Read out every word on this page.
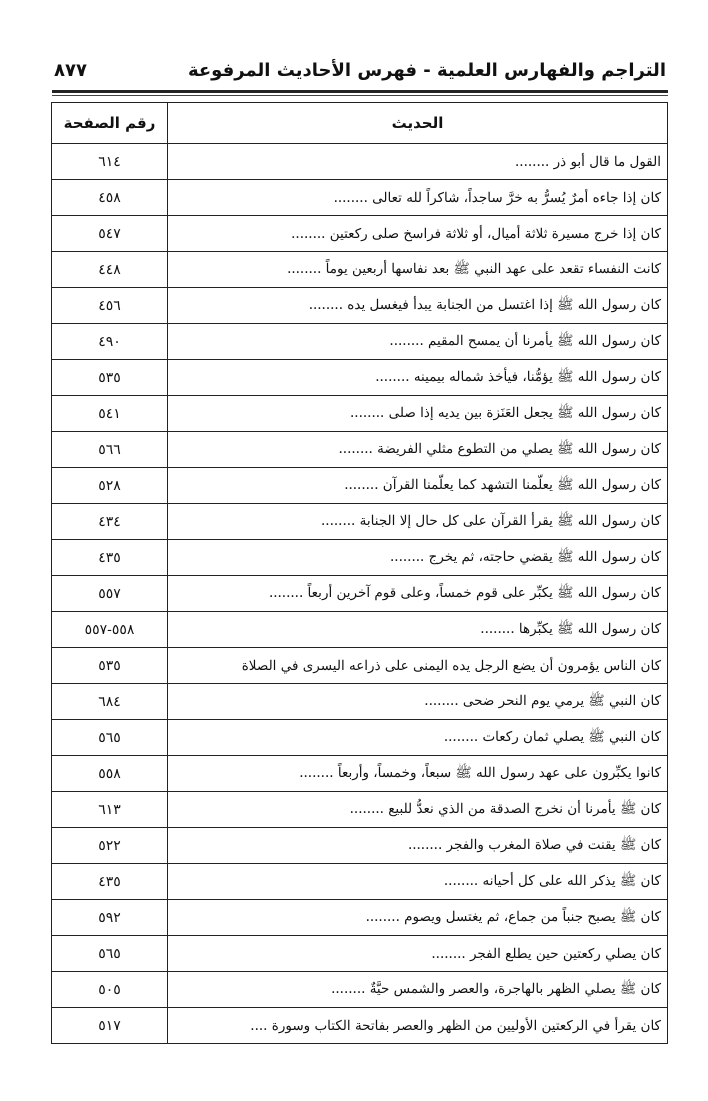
التراجم والفهارس العلمية - فهرس الأحاديث المرفوعة
٨٧٧
الحديث	رقم الصفحة
القول ما قال أبو ذر ........	٦١٤
كان إذا جاءه أمرٌ يُسرُّ به خرَّ ساجداً، شاكراً لله تعالى ........	٤٥٨
كان إذا خرج مسيرة ثلاثة أميال، أو ثلاثة فراسخ صلى ركعتين ........	٥٤٧
كانت النفساء تقعد على عهد النبي ﷺ بعد نفاسها أربعين يوماً ........	٤٤٨
كان رسول الله ﷺ إذا اغتسل من الجنابة يبدأ فيغسل يده ........	٤٥٦
كان رسول الله ﷺ يأمرنا أن يمسح المقيم ........	٤٩٠
كان رسول الله ﷺ يؤمُّنا، فيأخذ شماله بيمينه ........	٥٣٥
كان رسول الله ﷺ يجعل العَنَزة بين يديه إذا صلى ........	٥٤١
كان رسول الله ﷺ يصلي من التطوع مثلي الفريضة ........	٥٦٦
كان رسول الله ﷺ يعلّمنا التشهد كما يعلّمنا القرآن ........	٥٢٨
كان رسول الله ﷺ يقرأ القرآن على كل حال إلا الجنابة ........	٤٣٤
كان رسول الله ﷺ يقضي حاجته، ثم يخرج ........	٤٣٥
كان رسول الله ﷺ يكبِّر على قوم خمساً، وعلى قوم آخرين أربعاً ........	٥٥٧
كان رسول الله ﷺ يكبِّرها ........	٥٥٨-٥٥٧
كان الناس يؤمرون أن يضع الرجل يده اليمنى على ذراعه اليسرى في الصلاة	٥٣٥
كان النبي ﷺ يرمي يوم النحر ضحى ........	٦٨٤
كان النبي ﷺ يصلي ثمان ركعات ........	٥٦٥
كانوا يكبِّرون على عهد رسول الله ﷺ سبعاً، وخمساً، وأربعاً ........	٥٥٨
كان ﷺ يأمرنا أن نخرج الصدقة من الذي نعدُّ للبيع ........	٦١٣
كان ﷺ يقنت في صلاة المغرب والفجر ........	٥٢٢
كان ﷺ يذكر الله على كل أحيانه ........	٤٣٥
كان ﷺ يصبح جنباً من جماع، ثم يغتسل ويصوم ........	٥٩٢
كان يصلي ركعتين حين يطلع الفجر ........	٥٦٥
كان ﷺ يصلي الظهر بالهاجرة، والعصر والشمس حيَّةٌ ........	٥٠٥
كان يقرأ في الركعتين الأوليين من الظهر والعصر بفاتحة الكتاب وسورة ....	٥١٧
